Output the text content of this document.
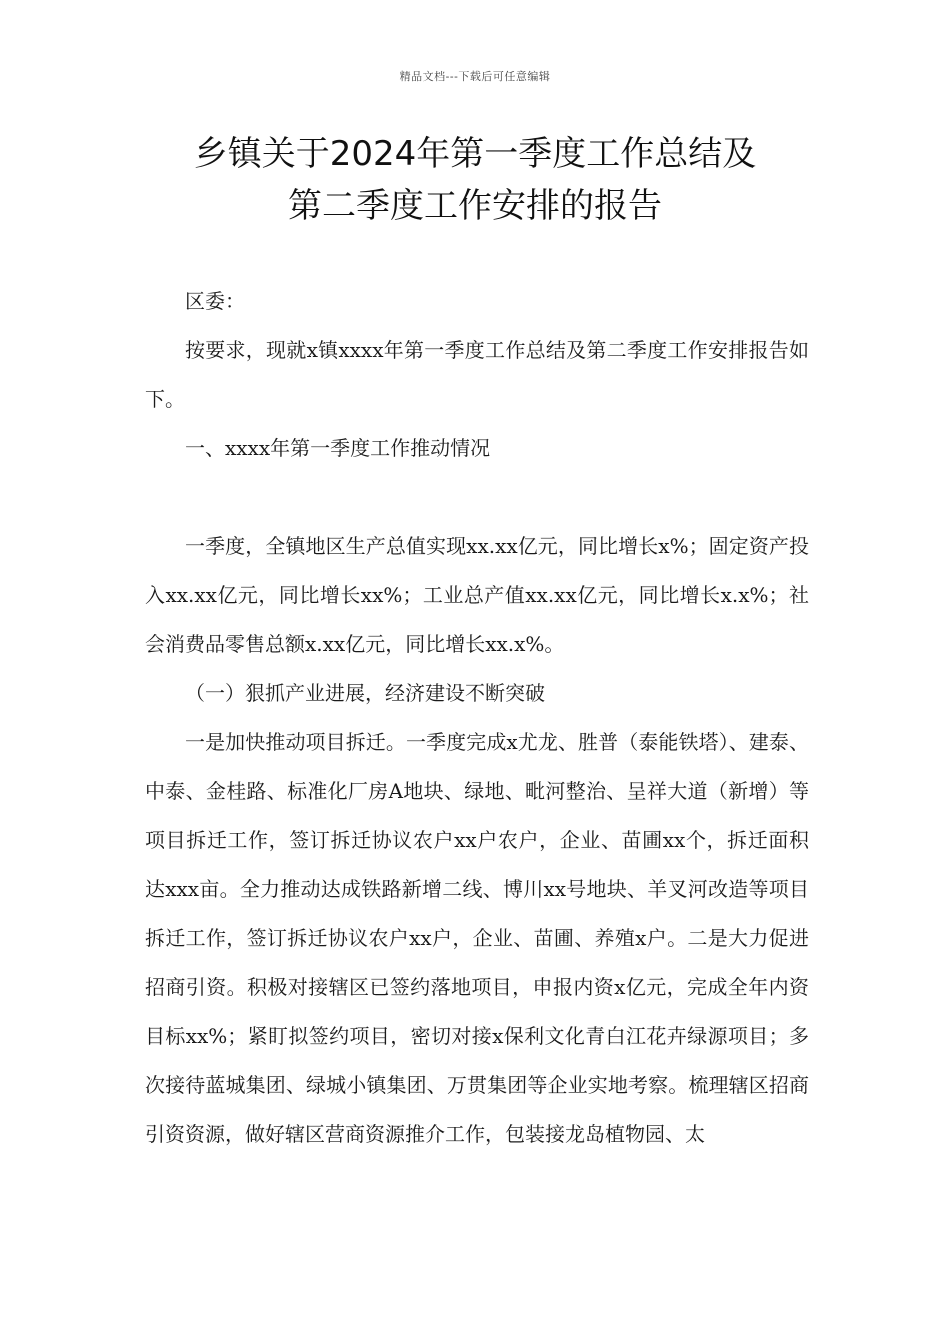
精品文档---下载后可任意编辑
乡镇关于2024年第一季度工作总结及
第二季度工作安排的报告

区委：

按要求，现就x镇xxxx年第一季度工作总结及第二季度工作安排报告如下。

一、xxxx年第一季度工作推动情况

一季度，全镇地区生产总值实现xx.xx亿元，同比增长x%；固定资产投入xx.xx亿元，同比增长xx%；工业总产值xx.xx亿元，同比增长x.x%；社会消费品零售总额x.xx亿元，同比增长xx.x%。

（一）狠抓产业进展，经济建设不断突破

一是加快推动项目拆迁。一季度完成x尤龙、胜普（泰能铁塔）、建泰、中泰、金桂路、标准化厂房A地块、绿地、毗河整治、呈祥大道（新增）等项目拆迁工作，签订拆迁协议农户xx户农户，企业、苗圃xx个，拆迁面积达xxx亩。全力推动达成铁路新增二线、博川xx号地块、羊叉河改造等项目拆迁工作，签订拆迁协议农户xx户，企业、苗圃、养殖x户。二是大力促进招商引资。积极对接辖区已签约落地项目，申报内资x亿元，完成全年内资目标xx%；紧盯拟签约项目，密切对接x保利文化青白江花卉绿源项目；多次接待蓝城集团、绿城小镇集团、万贯集团等企业实地考察。梳理辖区招商引资资源，做好辖区营商资源推介工作，包装接龙岛植物园、太
